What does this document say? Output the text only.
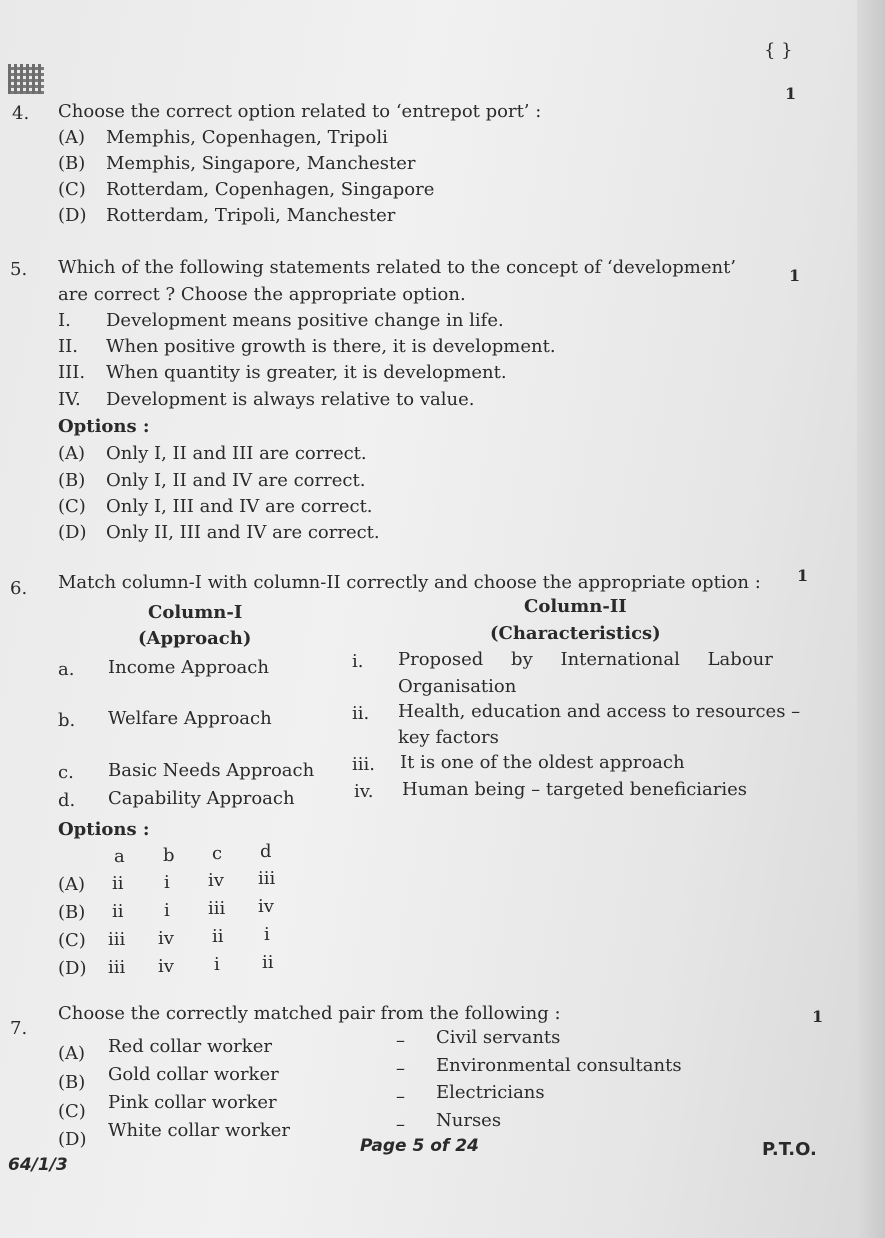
{ }
4. Choose the correct option related to ‘entrepot port’ :
1
(A) Memphis, Copenhagen, Tripoli
(B) Memphis, Singapore, Manchester
(C) Rotterdam, Copenhagen, Singapore
(D) Rotterdam, Tripoli, Manchester
5. Which of the following statements related to the concept of ‘development’
are correct ? Choose the appropriate option.
1
I. Development means positive change in life.
II. When positive growth is there, it is development.
III. When quantity is greater, it is development.
IV. Development is always relative to value.
Options :
(A) Only I, II and III are correct.
(B) Only I, II and IV are correct.
(C) Only I, III and IV are correct.
(D) Only II, III and IV are correct.
6. Match column-I with column-II correctly and choose the appropriate option : 1
Column-I
(Approach)
Column-II
(Characteristics)
a. Income Approach	i. Proposed by International Labour
Organisation
b. Welfare Approach	ii. Health, education and access to resources –
key factors
c. Basic Needs Approach iii. It is one of the oldest approach
d. Capability Approach	iv. Human being – targeted beneficiaries
Options :
a b c d
(A) ii i iv iii
(B) ii i iii iv
(C) iii iv ii i
(D) iii iv i ii
7.
Choose the correctly matched pair from the following :	1
(A) Red collar worker	– Civil servants
(B) Gold collar worker	– Environmental consultants
(C) Pink collar worker	– Electricians
(D) White collar worker	– Nurses
64/1/3
Page 5 of 24	P.T.O.
